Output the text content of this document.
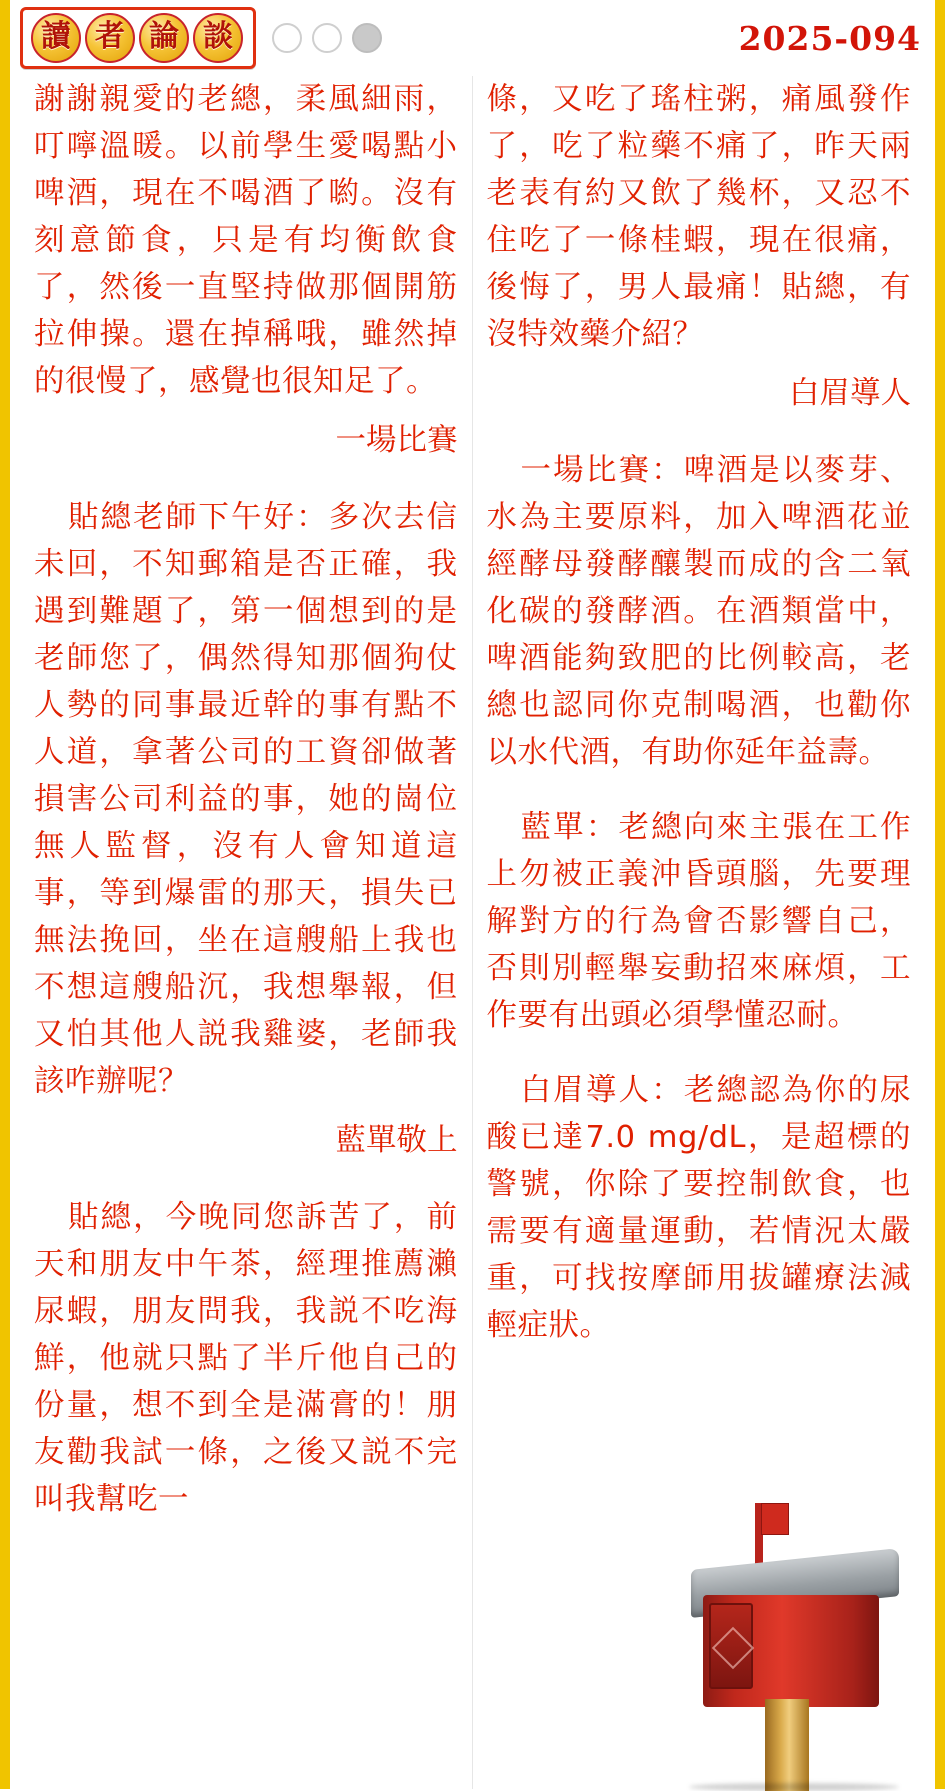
讀 者 論 談	2025-094

謝謝親愛的老總，柔風細雨，叮嚀溫暖。以前學生愛喝點小啤酒，現在不喝酒了喲。沒有刻意節食，只是有均衡飲食了，然後一直堅持做那個開筋拉伸操。還在掉稱哦，雖然掉的很慢了，感覺也很知足了。

一場比賽

貼總老師下午好：多次去信未回，不知郵箱是否正確，我遇到難題了，第一個想到的是老師您了，偶然得知那個狗仗人勢的同事最近幹的事有點不人道，拿著公司的工資卻做著損害公司利益的事，她的崗位無人監督，沒有人會知道這事，等到爆雷的那天，損失已無法挽回，坐在這艘船上我也不想這艘船沉，我想舉報，但又怕其他人説我雞婆，老師我該咋辦呢？

藍單敬上

貼總，今晚同您訴苦了，前天和朋友中午茶，經理推薦瀨尿蝦，朋友問我，我説不吃海鮮，他就只點了半斤他自己的份量，想不到全是滿膏的！朋友勸我試一條，之後又説不完叫我幫吃一

條，又吃了瑤柱粥，痛風發作了，吃了粒藥不痛了，昨天兩老表有約又飲了幾杯，又忍不住吃了一條桂蝦，現在很痛，後悔了，男人最痛！貼總，有沒特效藥介紹？

白眉導人

一場比賽：啤酒是以麥芽、水為主要原料，加入啤酒花並經酵母發酵釀製而成的含二氧化碳的發酵酒。在酒類當中，啤酒能夠致肥的比例較高，老總也認同你克制喝酒，也勸你以水代酒，有助你延年益壽。

藍單：老總向來主張在工作上勿被正義沖昏頭腦，先要理解對方的行為會否影響自己，否則別輕舉妄動招來麻煩，工作要有出頭必須學懂忍耐。

白眉導人：老總認為你的尿酸已達7.0 mg/dL，是超標的警號，你除了要控制飲食，也需要有適量運動，若情況太嚴重，可找按摩師用拔罐療法減輕症狀。
